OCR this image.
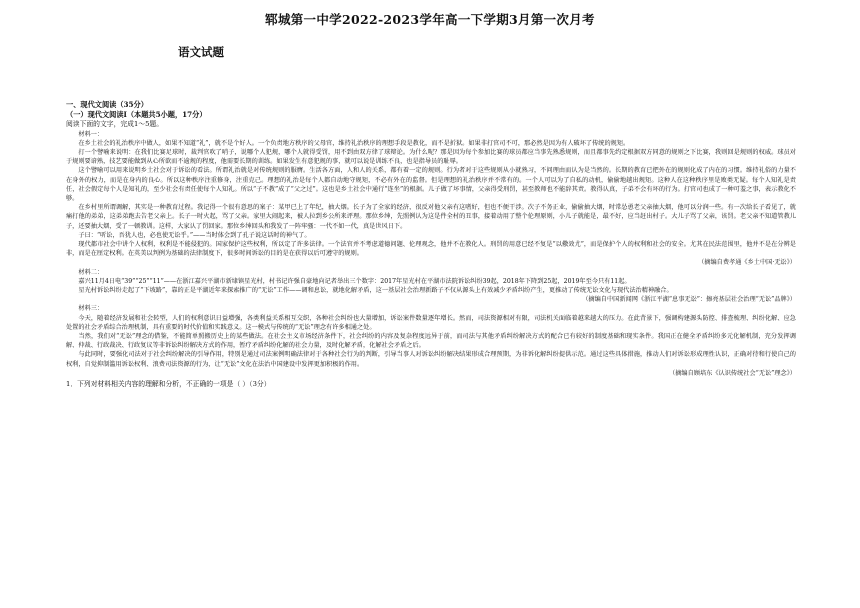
郓城第一中学2022-2023学年高一下学期3月第一次月考
语文试题

一、现代文阅读（35分）

（一）现代文阅读Ⅰ（本题共5小题，17分）

阅读下面的文字，完成1～5题。

材料一：

在乡土社会的礼治秩序中做人，如果不知道“礼”，就不是个好人。一个负责地方秩序的父母官，维持礼治秩序的理想手段是教化，而不是折狱。如果非打官司不可，那必然是因为有人破坏了传统的规矩。

打一个譬喻来说明：在我们比赛足球时，裁判官吹了哨子，说哪个人犯规，哪个人就得受罚，用不到由双方律了球辩论。为什么呢？那是因为每个参加比赛的球员都应当事先熟悉规则，而且都事先约定根据双方同意的规则之下比赛，我则回是规则的权威。球员对于规则要谙熟，技艺要能做到从心所欲而不逾规的程度，他需要长期的训练。如果发生有意犯规的事，就可以说是训练不良，也是指导员的耻辱。

这个譬喻可以用来说明乡土社会对于诉讼的看法。所谓礼治就是对传统规则的服膺。生活各方面，人和人的关系，都有着一定的规则。行为者对于这些规则从小就熟习，不问理由而认为是当然的。长期的教育已把外在的规则化成了内在的习惯。维持礼俗的力量不在身外的权力，而是在身内的良心。所以这种秩序注重修身，注重克己。理想的礼治是每个人都自动地守规矩，不必有外在的监督。但是理想的礼治秩序并不常有的。一个人可以为了自私的动机，偷偷地越出规矩。这种人在这种秩序里是败类无疑。每个人知礼是责任，社会假定每个人是知礼的，至少社会有责任使每个人知礼。所以“子不教”成了“父之过”。这也是乡土社会中通行“连坐”的根据。儿子做了坏事情，父亲得受刑罚，甚至教师也不能辞其责。教得认真，子弟不会有坏的行为。打官司也成了一种可羞之事，表示教化不够。

在乡村里所谓调解，其实是一种教育过程。我记得一个很有意思的案子：某甲已上了年纪，抽大烟。长子为了全家的经济，很反对他父亲有这嗜好，但也不便干涉。次子不务正业，偷偷抽大烟，时常怂恿老父亲抽大烟，他可以分润一些。有一次给长子看见了，就痛打他的弟弟，这弟弟跑去告老父亲上。长子一时火起，骂了父亲。家里大闹起来，被人拉到乡公所来评理。那位乡绅，先照例认为这是件全村的丑事，接着动用了整个伦理原则，小儿子就能是，最不好，应当赶出村子。大儿子骂了父亲，该罚。老父亲不知道管教儿子，还要抽大烟，受了一顿教训。这样，大家认了罚回家。那位乡绅回头和我发了一阵牢骚：一代不如一代，真是世风日下。

子曰：“听讼，吾犹人也，必也使无讼乎。”——当时体会到了孔子说这话时的神气了。

现代都市社会中讲个人权利，权利是不能侵犯的。国家保护这些权利，所以定了许多法律。一个法官并不考虑道德问题、伦理观念，他并不在教化人。刑罚的用意已经不复是“以儆效尤”，而是保护个人的权利和社会的安全。尤其在民法范围里，他并不是在分辨是非，而是在厘定权利。在英美以判例为基础的法律制度下，很多时间诉讼的目的是在获得以后可遵守的规则。

（摘编自费孝通《乡土中国·无讼》）

材料二：

嘉兴11月4日电“39”“25”“11”——在浙江嘉兴平湖市新埭镇星光村，村书记许强自豪地向记者举出三个数字：2017年星光村在平湖市法院诉讼纠纷39起，2018年下降到25起，2019年至今只有11起。

星光村诉讼纠纷走起了“下坡路”，靠的正是平湖近年来探索推广的“无讼”工作——调和息讼，就地化解矛盾，这一基层社会治理新路子不仅从源头上有效减少矛盾纠纷产生，更推动了传统无讼文化与现代法治精神融合。

（摘编自中国新闻网《浙江平湖“息事无讼”：擦亮基层社会治理“无讼”品牌》）

材料三：

今天，随着经济发展和社会转型，人们的权利意识日益增强，各类利益关系相互交织，各种社会纠纷也大量增加，诉讼案件数量逐年增长。然而，司法资源相对有限，司法机关面临着越来越大的压力。在此背景下，强调构建源头防控、排查梳理、纠纷化解、应急处置的社会矛盾综合治理机制，具有重要的时代价值和实践意义。这一模式与传统的“无讼”理念有许多相通之处。

当然，我们对“无讼”理念的借鉴，不能简单照搬历史上的某些做法。在社会主义市场经济条件下，社会纠纷的内容及复杂程度远异于前，而司法与其他矛盾纠纷解决方式的配合已有较好的制度基础和现实条件。我国正在健全矛盾纠纷多元化解机制，充分发挥调解、仲裁、行政裁决、行政复议等非诉讼纠纷解决方式的作用，暂疗矛盾纠纷化解的社会力量，及时化解矛盾，化解社会矛盾之后。

与此同时，要强化司法对于社会纠纷解决的引导作用，特别是通过司法案例明确法律对于各种社会行为的判断，引导当事人对诉讼纠纷解决结果形成合理预期，为非诉化解纠纷提供示范。通过这些具体措施，推动人们对诉讼形成理性认识，正确对待和行使自己的权利，自觉抑制滥用诉讼权利、浪费司法资源的行为，让“无讼”文化在法治中国建设中发挥更加积极的作用。

（摘编自顾培东《认识传统社会“无讼”理念》）

1．下列对材料相关内容的理解和分析，不正确的一项是（ ）（3分）
